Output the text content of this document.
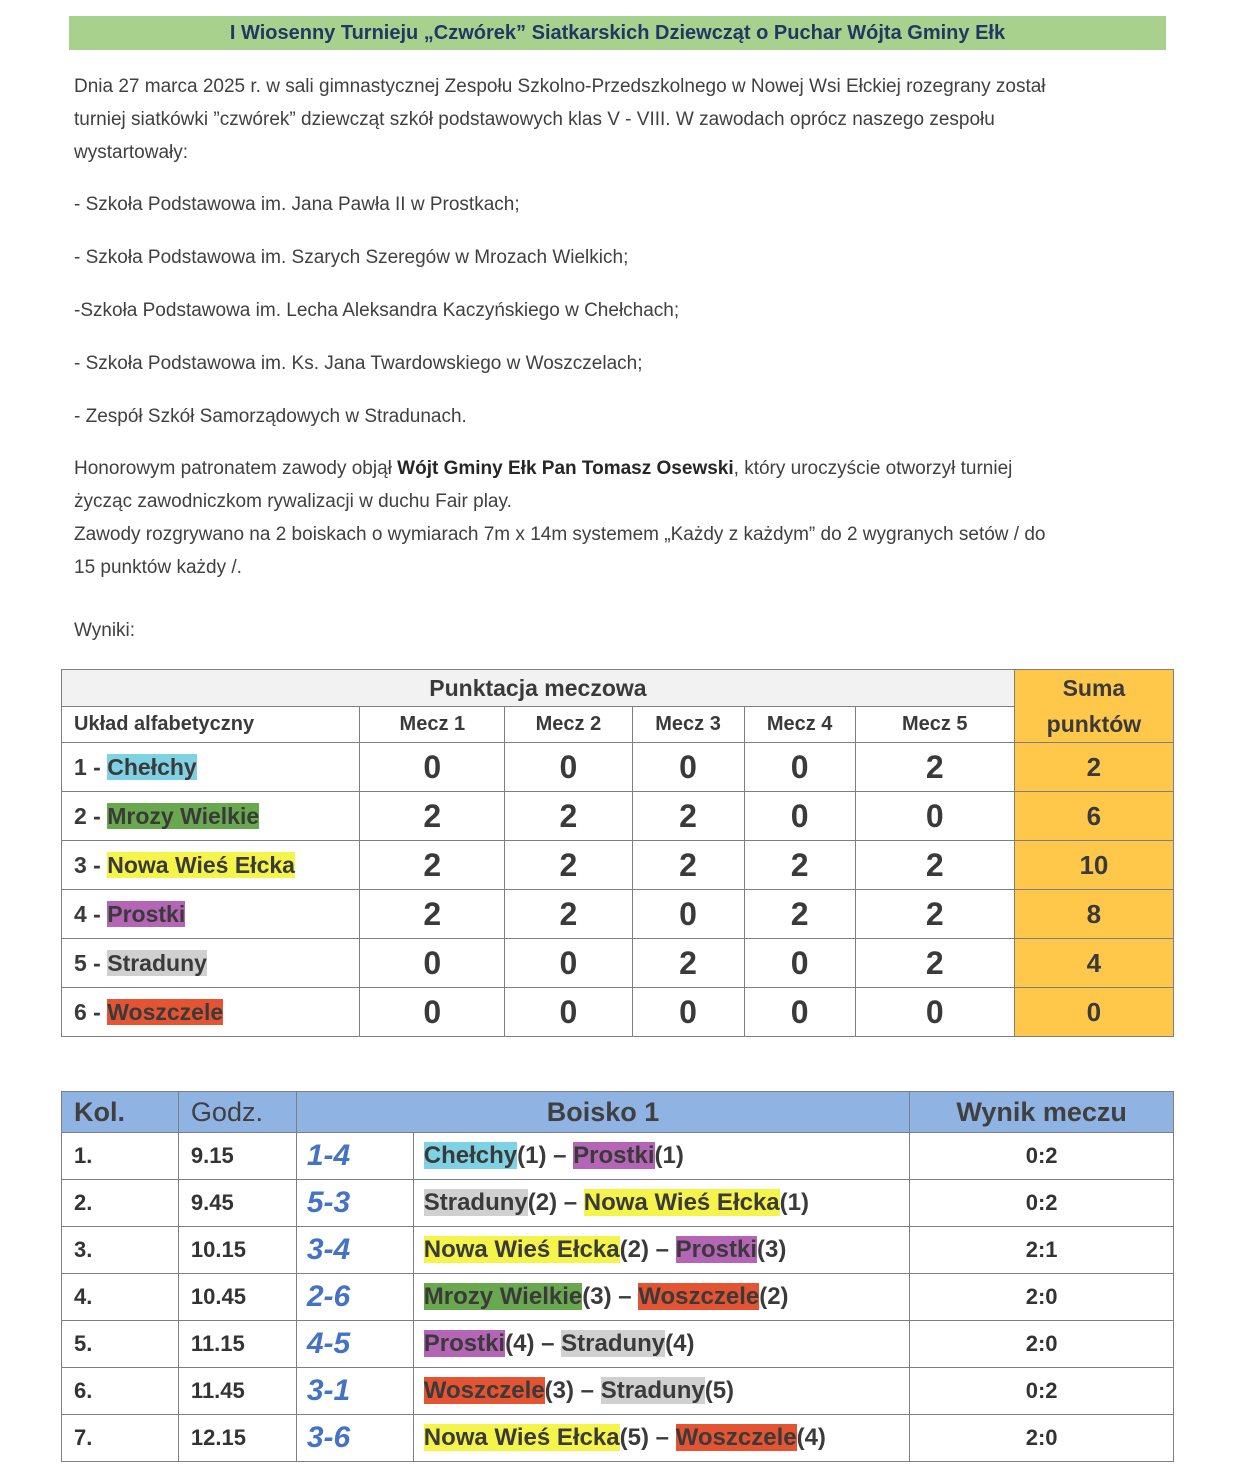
I Wiosenny Turnieju „Czwórek” Siatkarskich Dziewcząt o Puchar Wójta Gminy Ełk
Dnia 27 marca 2025 r. w sali gimnastycznej Zespołu Szkolno-Przedszkolnego w Nowej Wsi Ełckiej rozegrany został
turniej siatkówki ”czwórek” dziewcząt szkół podstawowych klas V - VIII. W zawodach oprócz naszego zespołu
wystartowały:
- Szkoła Podstawowa im. Jana Pawła II w Prostkach;
- Szkoła Podstawowa im. Szarych Szeregów w Mrozach Wielkich;
-Szkoła Podstawowa im. Lecha Aleksandra Kaczyńskiego w Chełchach;
- Szkoła Podstawowa im. Ks. Jana Twardowskiego w Woszczelach;
- Zespół Szkół Samorządowych w Stradunach.
Honorowym patronatem zawody objął Wójt Gminy Ełk Pan Tomasz Osewski, który uroczyście otworzył turniej
życząc zawodniczkom rywalizacji w duchu Fair play.
Zawody rozgrywano na 2 boiskach o wymiarach 7m x 14m systemem „Każdy z każdym” do 2 wygranych setów / do
15 punktów każdy /.
Wyniki:
Punktacja meczowa						Suma
punktów

Układ alfabetyczny	Mecz 1	Mecz 2	Mecz 3	Mecz 4	Mecz 5	
1 - Chełchy	0	0	0	0	2	2
2 - Mrozy Wielkie	2	2	2	0	0	6
3 - Nowa Wieś Ełcka	2	2	2	2	2	10
4 - Prostki	2	2	0	2	2	8
5 - Straduny	0	0	2	0	2	4
6 - Woszczele	0	0	0	0	0	0
Kol.	Godz.	Boisko 1		Wynik meczu
1.	9.15	1-4	Chełchy(1) – Prostki(1)	0:2
2.	9.45	5-3	Straduny(2) – Nowa Wieś Ełcka(1)	0:2
3.	10.15	3-4	Nowa Wieś Ełcka(2) – Prostki(3)	2:1
4.	10.45	2-6	Mrozy Wielkie(3) – Woszczele(2)	2:0
5.	11.15	4-5	Prostki(4) – Straduny(4)	2:0
6.	11.45	3-1	Woszczele(3) – Straduny(5)	0:2
7.	12.15	3-6	Nowa Wieś Ełcka(5) – Woszczele(4)	2:0
